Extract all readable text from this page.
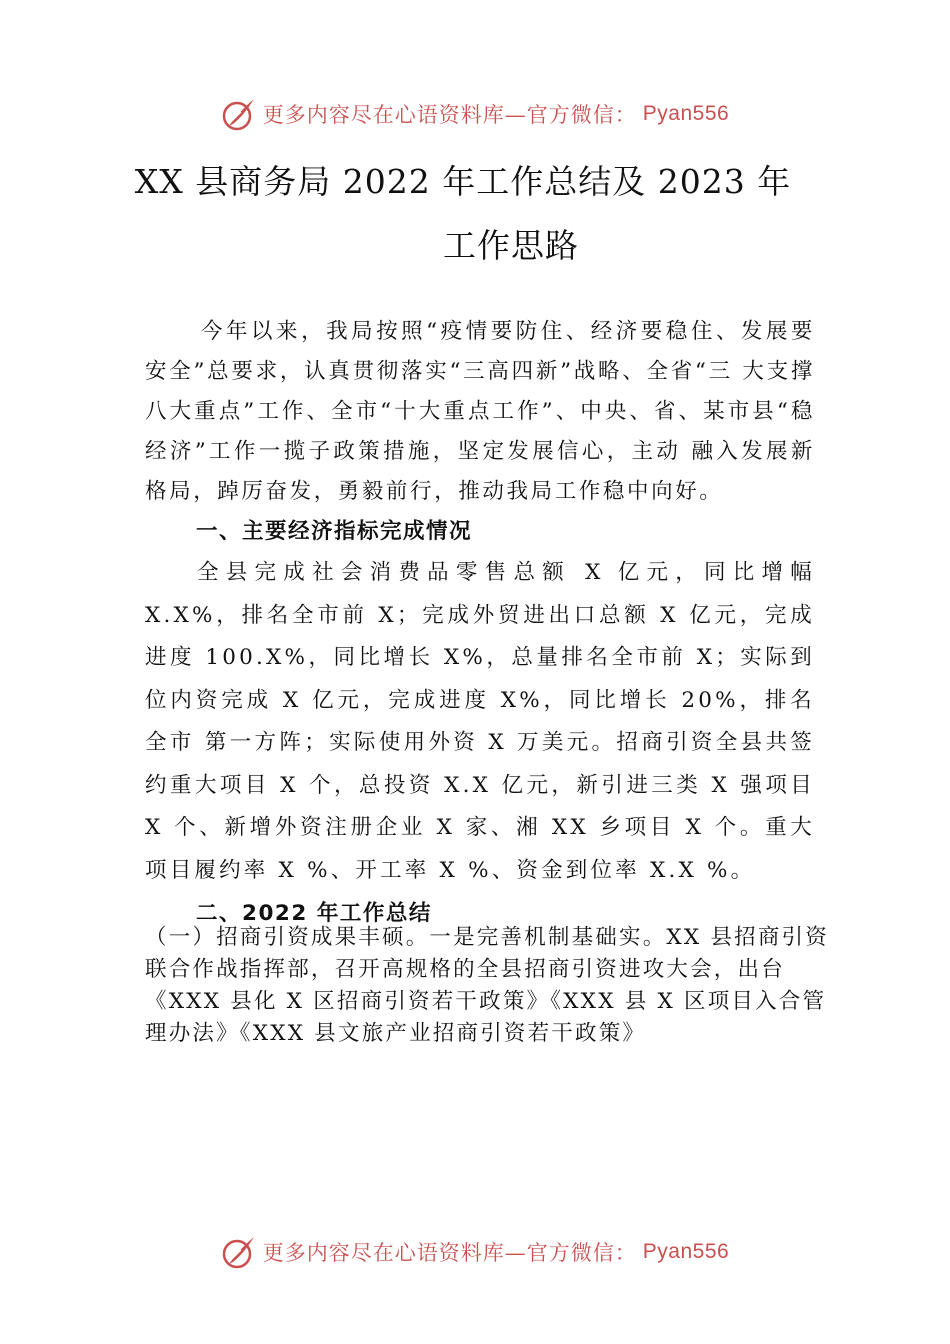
更多内容尽在心语资料库—官方微信： Pyan556
XX 县商务局 2022 年工作总结及 2023 年
工作思路

今年以来，我局按照“疫情要防住、经济要稳住、发展要安全”总要求，认真贯彻落实“三高四新”战略、全省“三 大支撑八大重点”工作、全市“十大重点工作”、中央、省、某市县“稳经济”工作一揽子政策措施，坚定发展信心，主动 融入发展新格局，踔厉奋发，勇毅前行，推动我局工作稳中向好。

一、主要经济指标完成情况

全县完成社会消费品零售总额 X 亿元，同比增幅 X.X%，排名全市前 X；完成外贸进出口总额 X 亿元，完成进度 100.X%，同比增长 X%，总量排名全市前 X；实际到位内资完成 X 亿元，完成进度 X%，同比增长 20%，排名全市 第一方阵；实际使用外资 X 万美元。招商引资全县共签约重大项目 X 个，总投资 X.X 亿元，新引进三类 X 强项目 X 个、新增外资注册企业 X 家、湘 XX 乡项目 X 个。重大项目履约率 X %、开工率 X %、资金到位率 X.X %。

二、2022 年工作总结

（一）招商引资成果丰硕。一是完善机制基础实。XX 县招商引资联合作战指挥部，召开高规格的全县招商引资进攻大会，出台《XXX 县化 X 区招商引资若干政策》《XXX 县 X 区项目入合管理办法》《XXX 县文旅产业招商引资若干政策》

更多内容尽在心语资料库—官方微信： Pyan556
